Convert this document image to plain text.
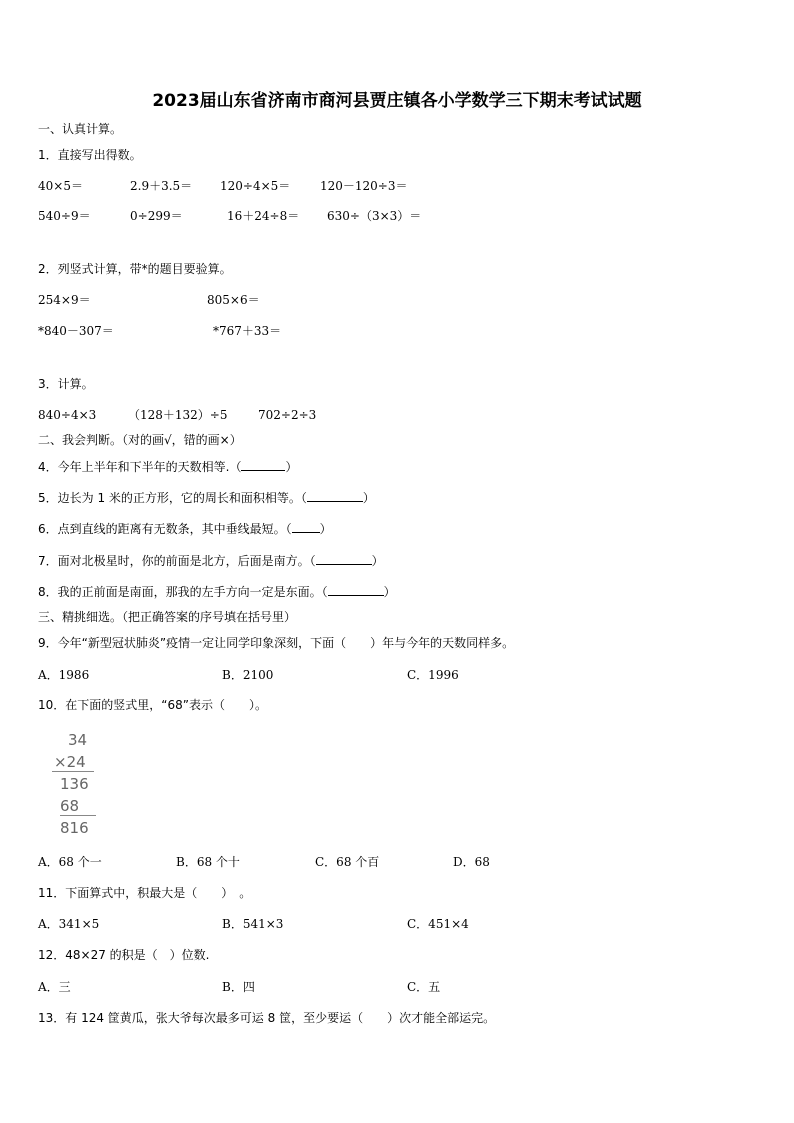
2023届山东省济南市商河县贾庄镇各小学数学三下期末考试试题
一、认真计算。
1．直接写出得数。
40×5＝	2.9＋3.5＝ 120÷4×5＝ 120－120÷3＝
540÷9＝	0÷299＝	16＋24÷8＝ 630÷（3×3）＝
2．列竖式计算，带*的题目要验算。
254×9＝	805×6＝
*840－307＝	*767＋33＝
3．计算。
840÷4×3	（128＋132）÷5	702÷2÷3
二、我会判断。（对的画√，错的画×）
4．今年上半年和下半年的天数相等.（	）
5．边长为 1 米的正方形，它的周长和面积相等。（	）
6．点到直线的距离有无数条，其中垂线最短。（ ）
7．面对北极星时，你的前面是北方，后面是南方。（	）
8．我的正前面是南面，那我的左手方向一定是东面。（	）
三、精挑细选。（把正确答案的序号填在括号里）
9．今年“新型冠状肺炎”疫情一定让同学印象深刻，下面（　　）年与今年的天数同样多。
A．1986	B．2100	C．1996
10．在下面的竖式里，“68”表示（　　）。
34
×24
136
68
816
A．68 个一	B．68 个十	C．68 个百	D．68
11．下面算式中，积最大是（　　）　。
A．341×5	B．541×3	C．451×4
12．48×27 的积是（　）位数.
A．三	B．四	C．五
13．有 124 筐黄瓜，张大爷每次最多可运 8 筐，至少要运（　　）次才能全部运完。
